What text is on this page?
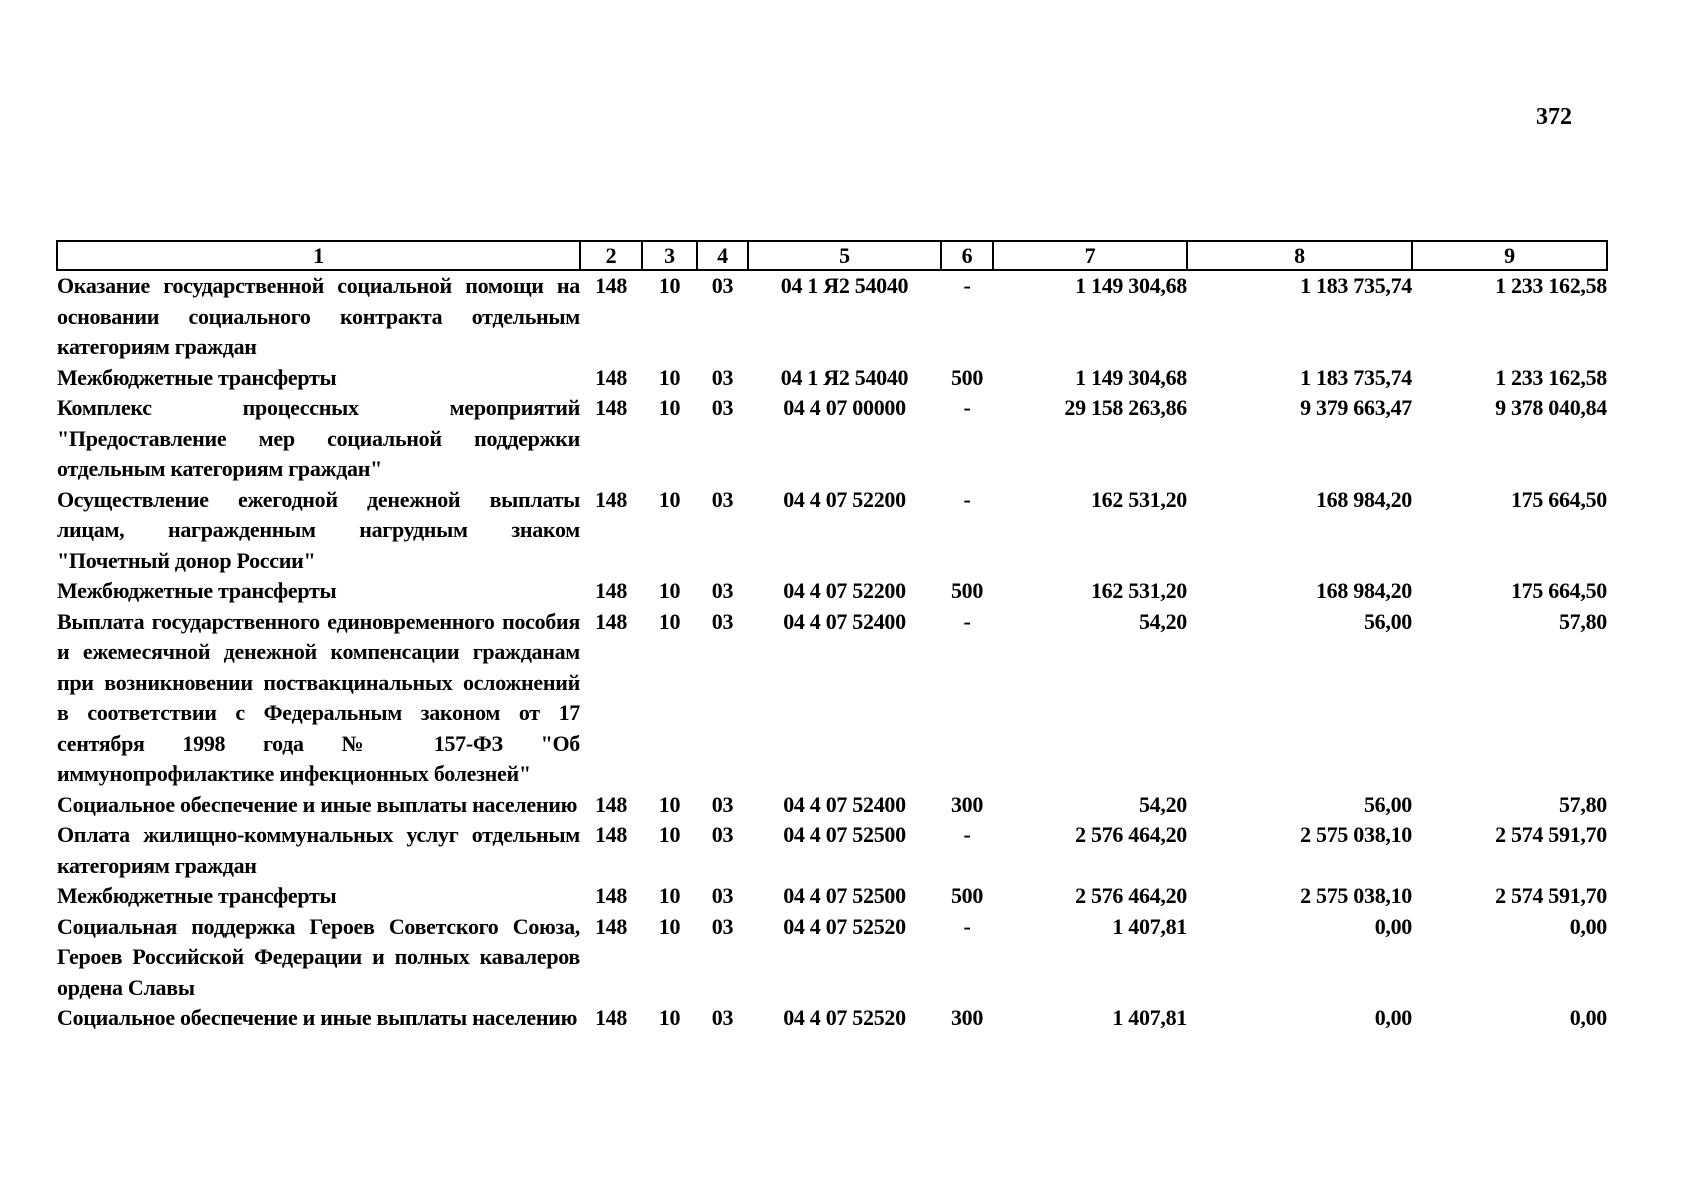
372
1	2	3	4	5	6	7	8	9
Оказание государственной социальной помощи на основании социального контракта отдельным категориям граждан	148	10	03	04 1 Я2 54040	-	1 149 304,68	1 183 735,74	1 233 162,58
Межбюджетные трансферты	148	10	03	04 1 Я2 54040	500	1 149 304,68	1 183 735,74	1 233 162,58
Комплекс процессных мероприятий "Предоставление мер социальной поддержки отдельным категориям граждан"	148	10	03	04 4 07 00000	-	29 158 263,86	9 379 663,47	9 378 040,84
Осуществление ежегодной денежной выплаты лицам, награжденным нагрудным знаком "Почетный донор России"	148	10	03	04 4 07 52200	-	162 531,20	168 984,20	175 664,50
Межбюджетные трансферты	148	10	03	04 4 07 52200	500	162 531,20	168 984,20	175 664,50
Выплата государственного единовременного пособия и ежемесячной денежной компенсации гражданам при возникновении поствакцинальных осложнений в соответствии с Федеральным законом от 17 сентября 1998 года № 157-ФЗ "Об иммунопрофилактике инфекционных болезней"	148	10	03	04 4 07 52400	-	54,20	56,00	57,80
Социальное обеспечение и иные выплаты населению	148	10	03	04 4 07 52400	300	54,20	56,00	57,80
Оплата жилищно-коммунальных услуг отдельным категориям граждан	148	10	03	04 4 07 52500	-	2 576 464,20	2 575 038,10	2 574 591,70
Межбюджетные трансферты	148	10	03	04 4 07 52500	500	2 576 464,20	2 575 038,10	2 574 591,70
Социальная поддержка Героев Советского Союза, Героев Российской Федерации и полных кавалеров ордена Славы	148	10	03	04 4 07 52520	-	1 407,81	0,00	0,00
Социальное обеспечение и иные выплаты населению	148	10	03	04 4 07 52520	300	1 407,81	0,00	0,00
